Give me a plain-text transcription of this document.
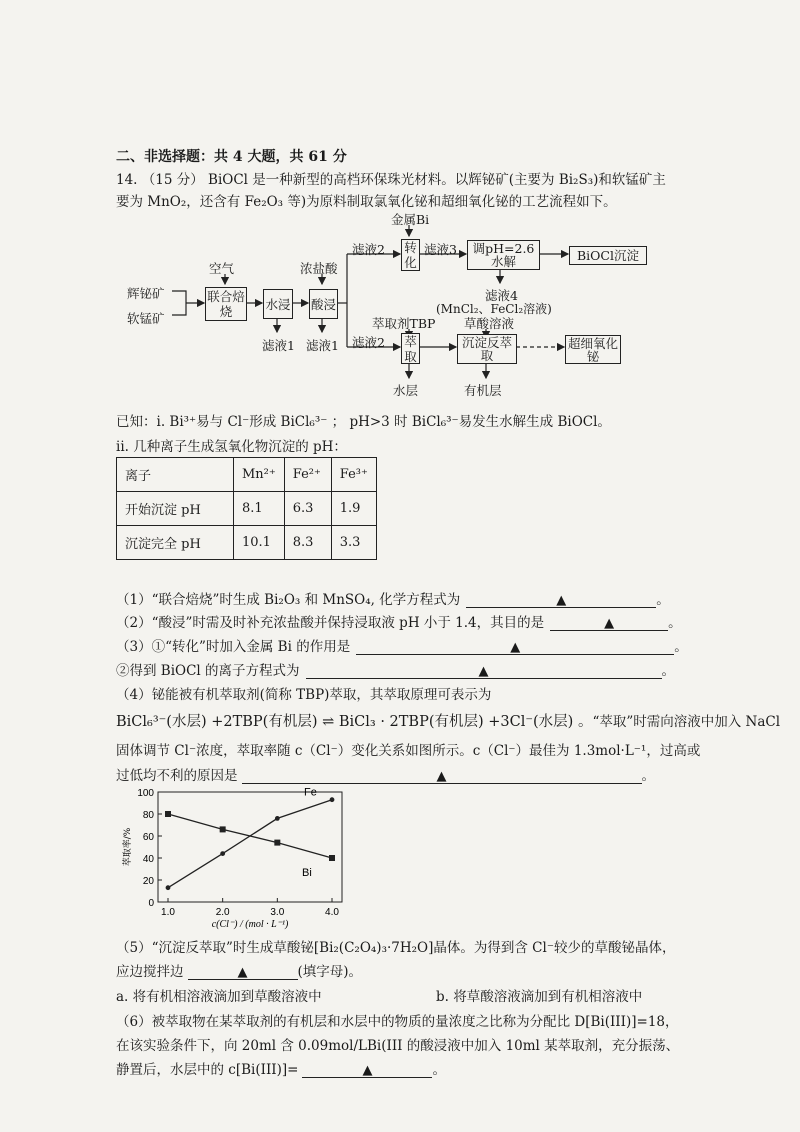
二、非选择题：共 4 大题，共 61 分
14. （15 分） BiOCl 是一种新型的高档环保珠光材料。以辉铋矿(主要为 Bi₂S₃)和软锰矿主
要为 MnO₂，还含有 Fe₂O₃ 等)为原料制取氯氧化铋和超细氧化铋的工艺流程如下。
辉铋矿
软锰矿
空气
联合焙烧	水浸
滤液1
浓盐酸
酸浸
滤液1
金属Bi
滤液2 转化
滤液3	调pH=2.6 水解	BiOCl沉淀
滤液4
(MnCl₂、FeCl₂溶液)
萃取剂TBP 草酸溶液
滤液2 萃取
沉淀反萃取
超细氧化铋
水层	有机层
已知：i. Bi³⁺易与 Cl⁻形成 BiCl₆³⁻ ； pH>3 时 BiCl₆³⁻易发生水解生成 BiOCl。
ii. 几种离子生成氢氧化物沉淀的 pH：
离子	Mn²⁺	Fe²⁺	Fe³⁺
开始沉淀 pH	8.1	6.3	1.9
沉淀完全 pH	10.1	8.3	3.3
（1）“联合焙烧”时生成 Bi₂O₃ 和 MnSO₄, 化学方程式为	▲	。
（2）“酸浸”时需及时补充浓盐酸并保持浸取液 pH 小于 1.4，其目的是	▲	。
（3）①“转化”时加入金属 Bi 的作用是	▲	。
②得到 BiOCl 的离子方程式为	▲	。
（4）铋能被有机萃取剂(简称 TBP)萃取，其萃取原理可表示为
BiCl₆³⁻(水层) +2TBP(有机层) ⇌ BiCl₃ · 2TBP(有机层) +3Cl⁻(水层) 。“萃取”时需向溶液中加入 NaCl
固体调节 Cl⁻浓度，萃取率随 c（Cl⁻）变化关系如图所示。c（Cl⁻）最佳为 1.3mol·L⁻¹，过高或
过低均不利的原因是	▲	。
0
20
40
60
80
100
1.0	2.0	3.0	4.0
c(Cl⁻) / (mol · L⁻¹)
萃取率/%
Fe
Bi
（5）“沉淀反萃取”时生成草酸铋[Bi₂(C₂O₄)₃·7H₂O]晶体。为得到含 Cl⁻较少的草酸铋晶体，
应边搅拌边	▲	(填字母)。
a. 将有机相溶液滴加到草酸溶液中	b. 将草酸溶液滴加到有机相溶液中
（6）被萃取物在某萃取剂的有机层和水层中的物质的量浓度之比称为分配比 D[Bi(III)]=18，
在该实验条件下，向 20ml 含 0.09mol/LBi(III 的酸浸液中加入 10ml 某萃取剂，充分振荡、
静置后，水层中的 c[Bi(III)]=	▲	。
